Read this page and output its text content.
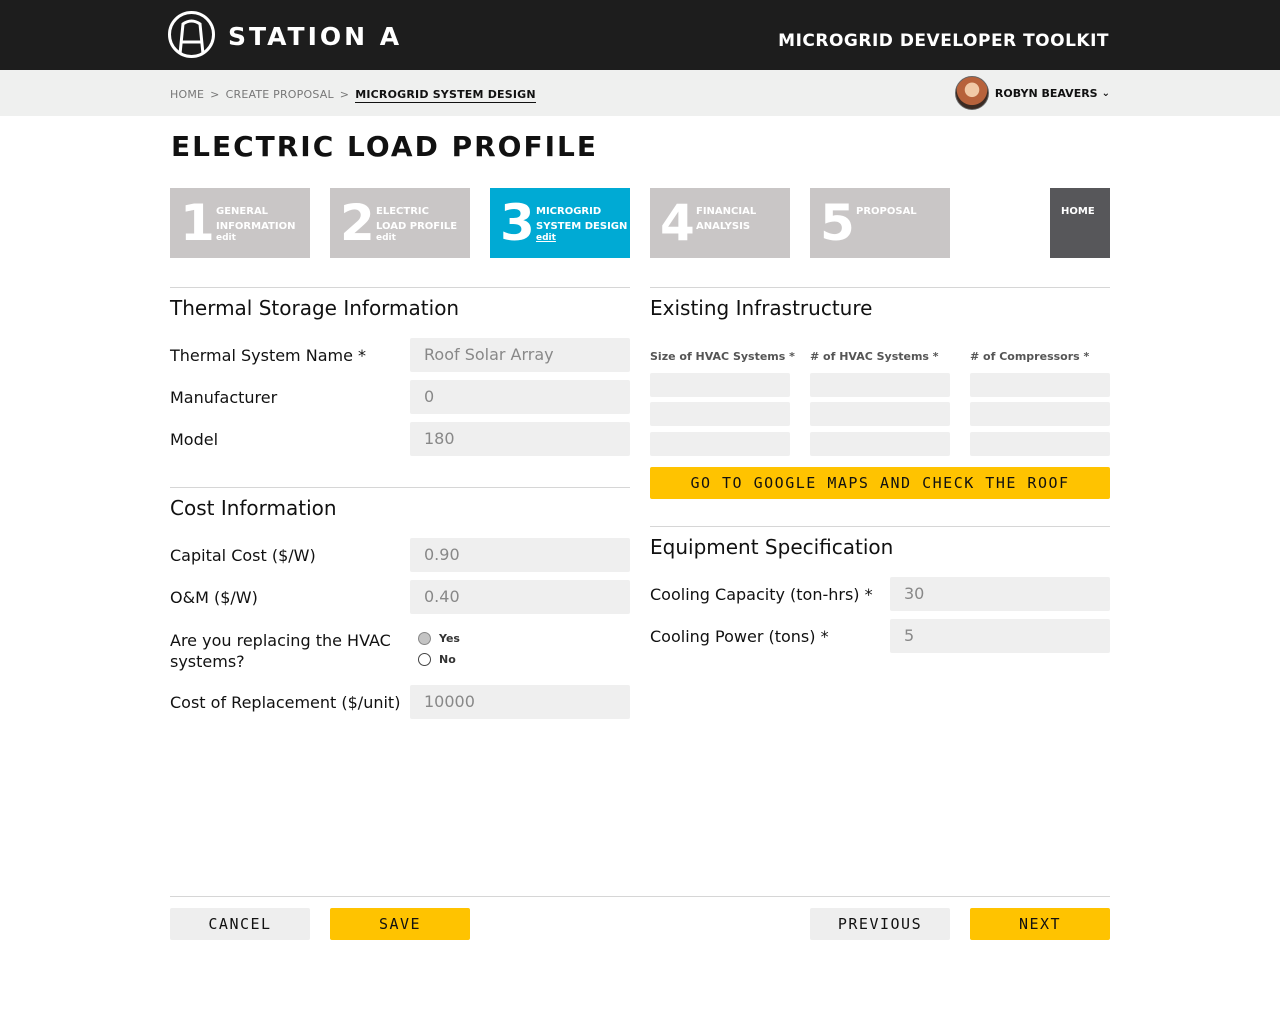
STATION A	MICROGRID DEVELOPER TOOLKIT
HOME > CREATE PROPOSAL > MICROGRID SYSTEM DESIGN	ROBYN BEAVERS ⌄
ELECTRIC LOAD PROFILE
1 GENERAL
INFORMATION
edit 2 ELECTRIC
LOAD PROFILE
edit 3 MICROGRID
SYSTEM DESIGN
edit 4 FINANCIAL
ANALYSIS 5 PROPOSAL	HOME
Thermal Storage Information
Thermal System Name *	Roof Solar Array
Manufacturer	0
Model	180
Cost Information
Capital Cost ($/W)	0.90
O&M ($/W)	0.40
Are you replacing the HVAC
systems?
Yes
No
Cost of Replacement ($/unit)	10000
Existing Infrastructure
Size of HVAC Systems * # of HVAC Systems *	# of Compressors *
GO TO GOOGLE MAPS AND CHECK THE ROOF
Equipment Specification
Cooling Capacity (ton-hrs) *	30
Cooling Power (tons) *	5
CANCEL	SAVE	PREVIOUS	NEXT
